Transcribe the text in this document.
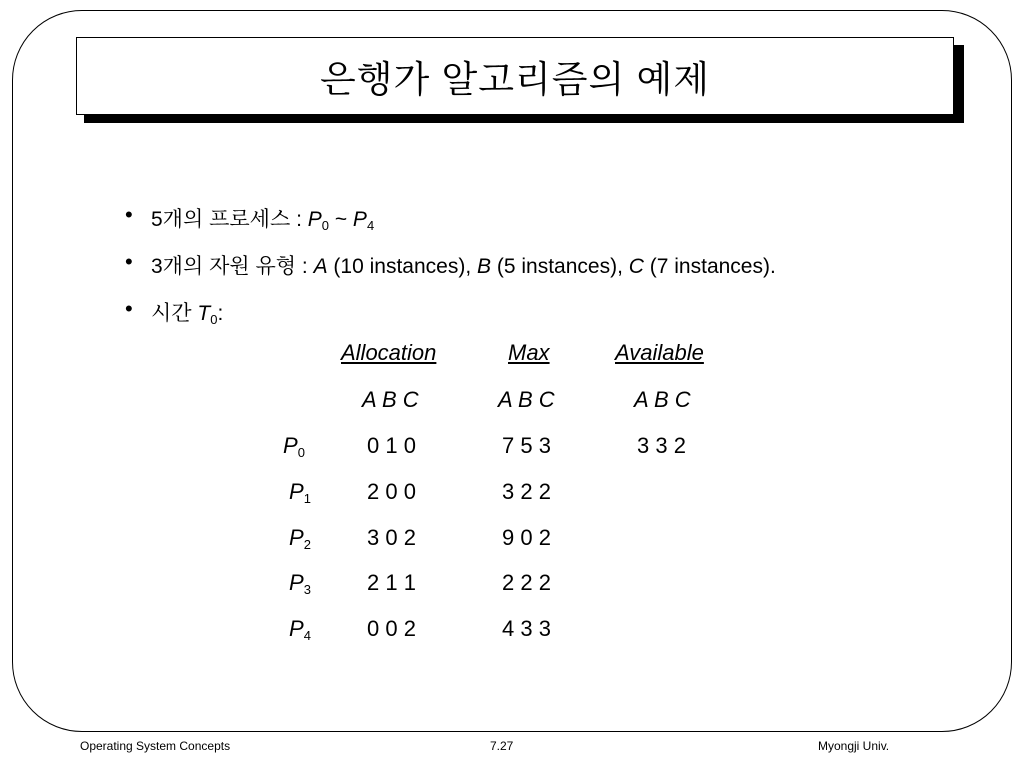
은행가 알고리즘의 예제
• 5개의 프로세스 : $P_0$ ~ $P_4$
• 3개의 자원 유형 : A (10 instances), B (5 instances), C (7 instances).
• 시간 $T_0$:
Allocation	Max	Available
A B C	A B C	A B C
$P_0$	0 1 0	7 5 3	3 3 2
$P_1$	2 0 0	3 2 2
$P_2$	3 0 2	9 0 2
$P_3$	2 1 1	2 2 2
$P_4$	0 0 2	4 3 3
Operating System Concepts	7.27	Myongji Univ.
